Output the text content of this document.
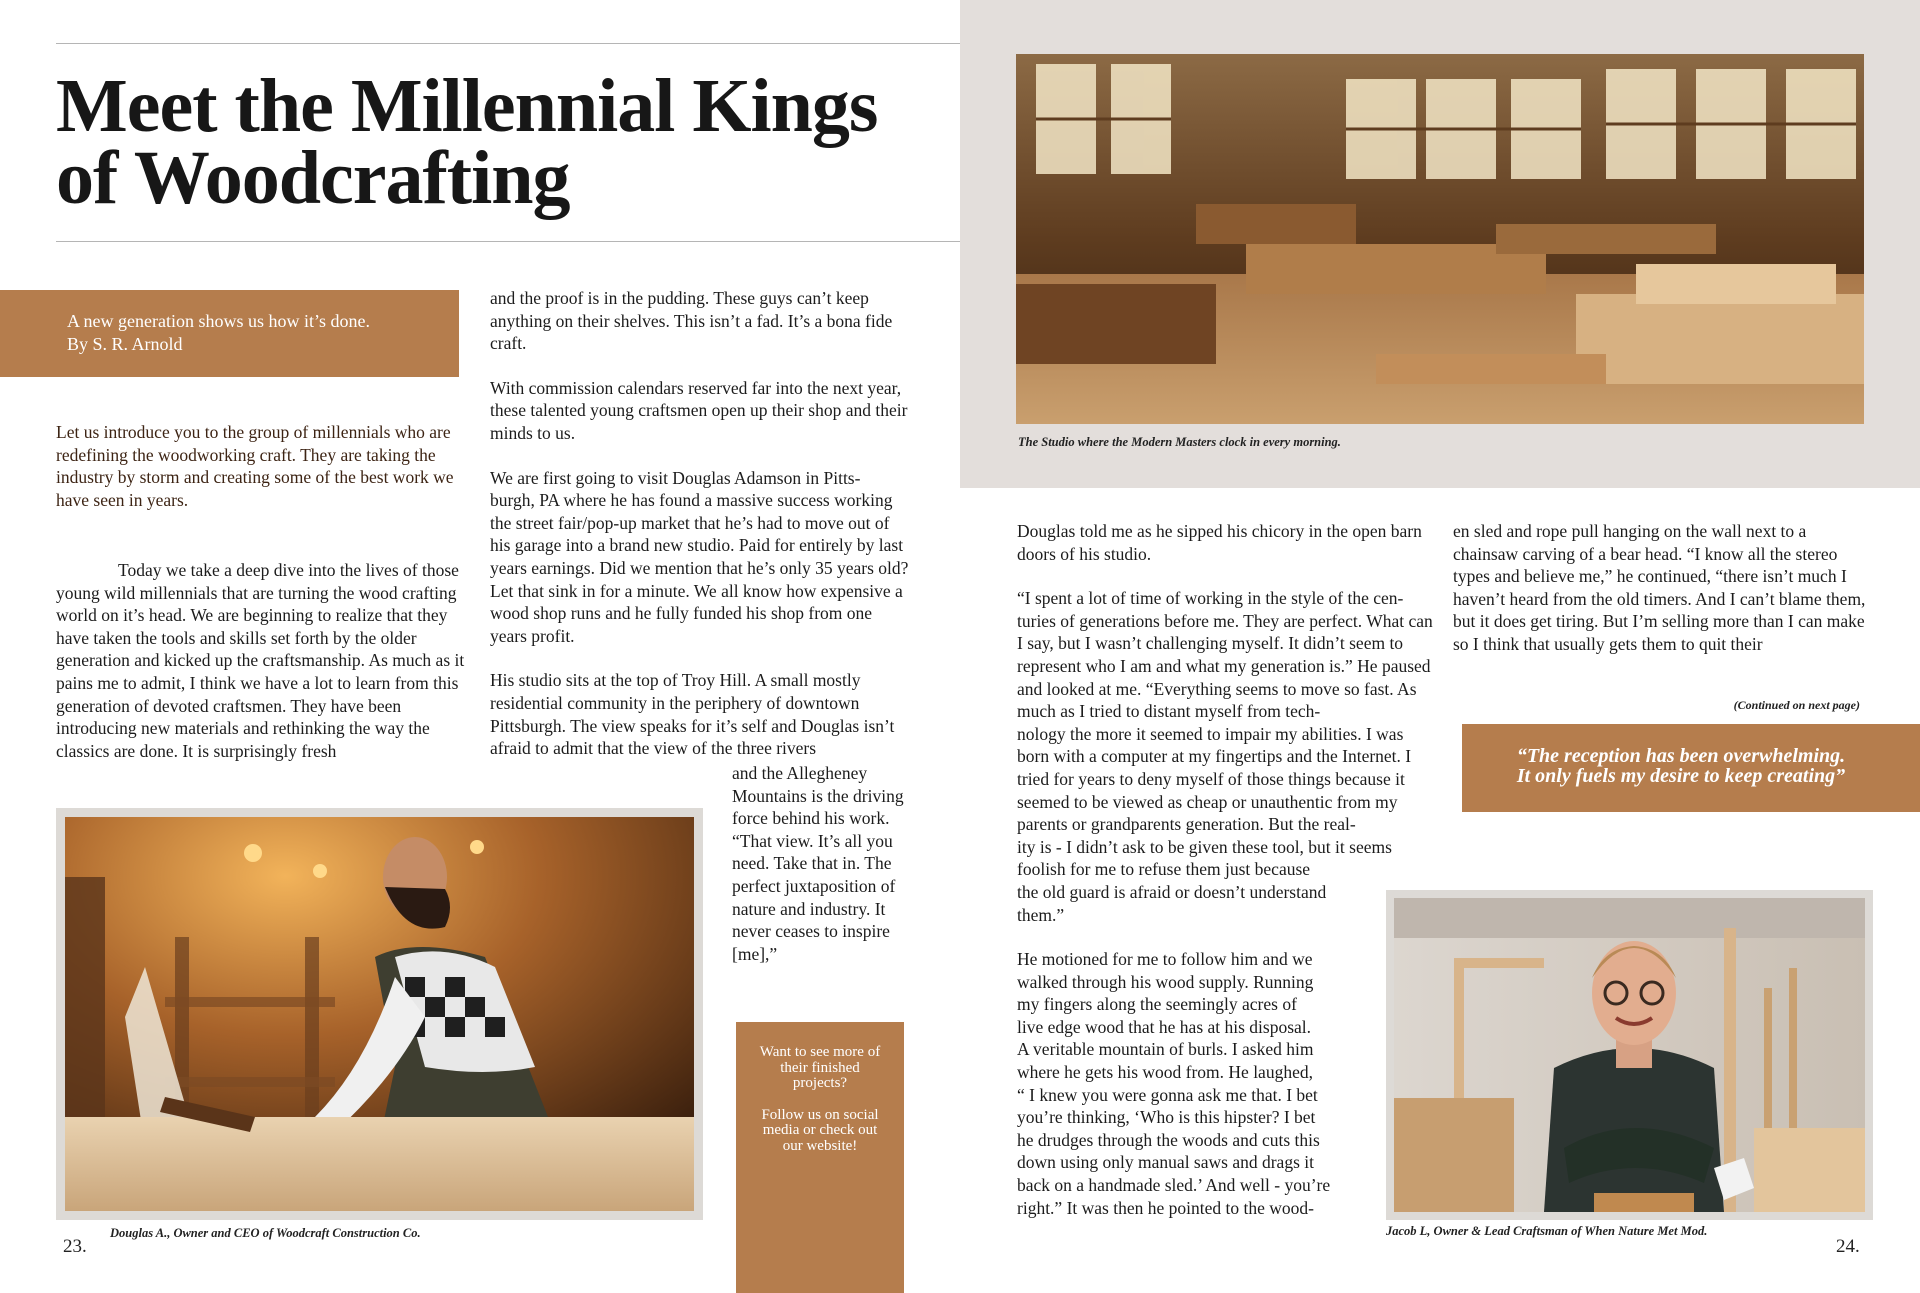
Meet the Millennial Kings
of Woodcrafting
A new generation shows us how it’s done.
By S. R. Arnold

Let us introduce you to the group of millennials who are redefining the woodworking craft. They are taking the industry by storm and creating some of the best work we have seen in years.

Today we take a deep dive into the lives of those young wild millennials that are turning the wood crafting world on it’s head. We are beginning to realize that they have taken the tools and skills set forth by the older generation and kicked up the craftsmanship. As much as it pains me to admit, I think we have a lot to learn from this generation of devoted craftsmen. They have been introducing new materials and rethinking the way the classics are done. It is surprisingly fresh

and the proof is in the pudding. These guys can’t keep anything on their shelves. This isn’t a fad. It’s a bona fide craft.

With commission calendars reserved far into the next year, these talented young craftsmen open up their shop and their minds to us.

We are first going to visit Douglas Adamson in Pitts-
burgh, PA where he has found a massive success working the street fair/pop-up market that he’s had to move out of his garage into a brand new studio. Paid for entirely by last years earnings. Did we mention that he’s only 35 years old? Let that sink in for a minute. We all know how expensive a wood shop runs and he fully funded his shop from one years profit.

His studio sits at the top of Troy Hill. A small mostly residential community in the periphery of downtown Pittsburgh. The view speaks for it’s self and Douglas isn’t afraid to admit that the view of the three rivers

and the Allegheney Mountains is the driving force behind his work. “That view. It’s all you need. Take that in. The perfect juxtaposition of nature and industry. It never ceases to inspire [me],”

23.
Douglas A., Owner and CEO of Woodcraft Construction Co.
Want to see more of their finished projects?
Follow us on social media or check out our website!
The Studio where the Modern Masters clock in every morning.

Douglas told me as he sipped his chicory in the open barn doors of his studio.

“I spent a lot of time of working in the style of the cen-
turies of generations before me. They are perfect. What can I say, but I wasn’t challenging myself. It didn’t seem to represent who I am and what my generation is.” He paused and looked at me. “Everything seems to move so fast. As much as I tried to distant myself from tech-
nology the more it seemed to impair my abilities. I was born with a computer at my fingertips and the Internet. I tried for years to deny myself of those things because it seemed to be viewed as cheap or unauthentic from my parents or grandparents generation. But the real-
ity is - I didn’t ask to be given these tool, but it seems foolish for me to refuse them just because
the old guard is afraid or doesn’t understand
them.”

He motioned for me to follow him and we
walked through his wood supply. Running
my fingers along the seemingly acres of
live edge wood that he has at his disposal.
A veritable mountain of burls. I asked him
where he gets his wood from. He laughed,
“ I knew you were gonna ask me that. I bet
you’re thinking, ‘Who is this hipster? I bet
he drudges through the woods and cuts this
down using only manual saws and drags it
back on a handmade sled.’ And well - you’re
right.” It was then he pointed to the wood-

en sled and rope pull hanging on the wall next to a chainsaw carving of a bear head. “I know all the stereo types and believe me,” he continued, “there isn’t much I haven’t heard from the old timers. And I can’t blame them, but it does get tiring. But I’m selling more than I can make so I think that usually gets them to quit their

(Continued on next page)
“The reception has been overwhelming.
It only fuels my desire to keep creating”
Jacob L, Owner & Lead Craftsman of When Nature Met Mod.
24.
